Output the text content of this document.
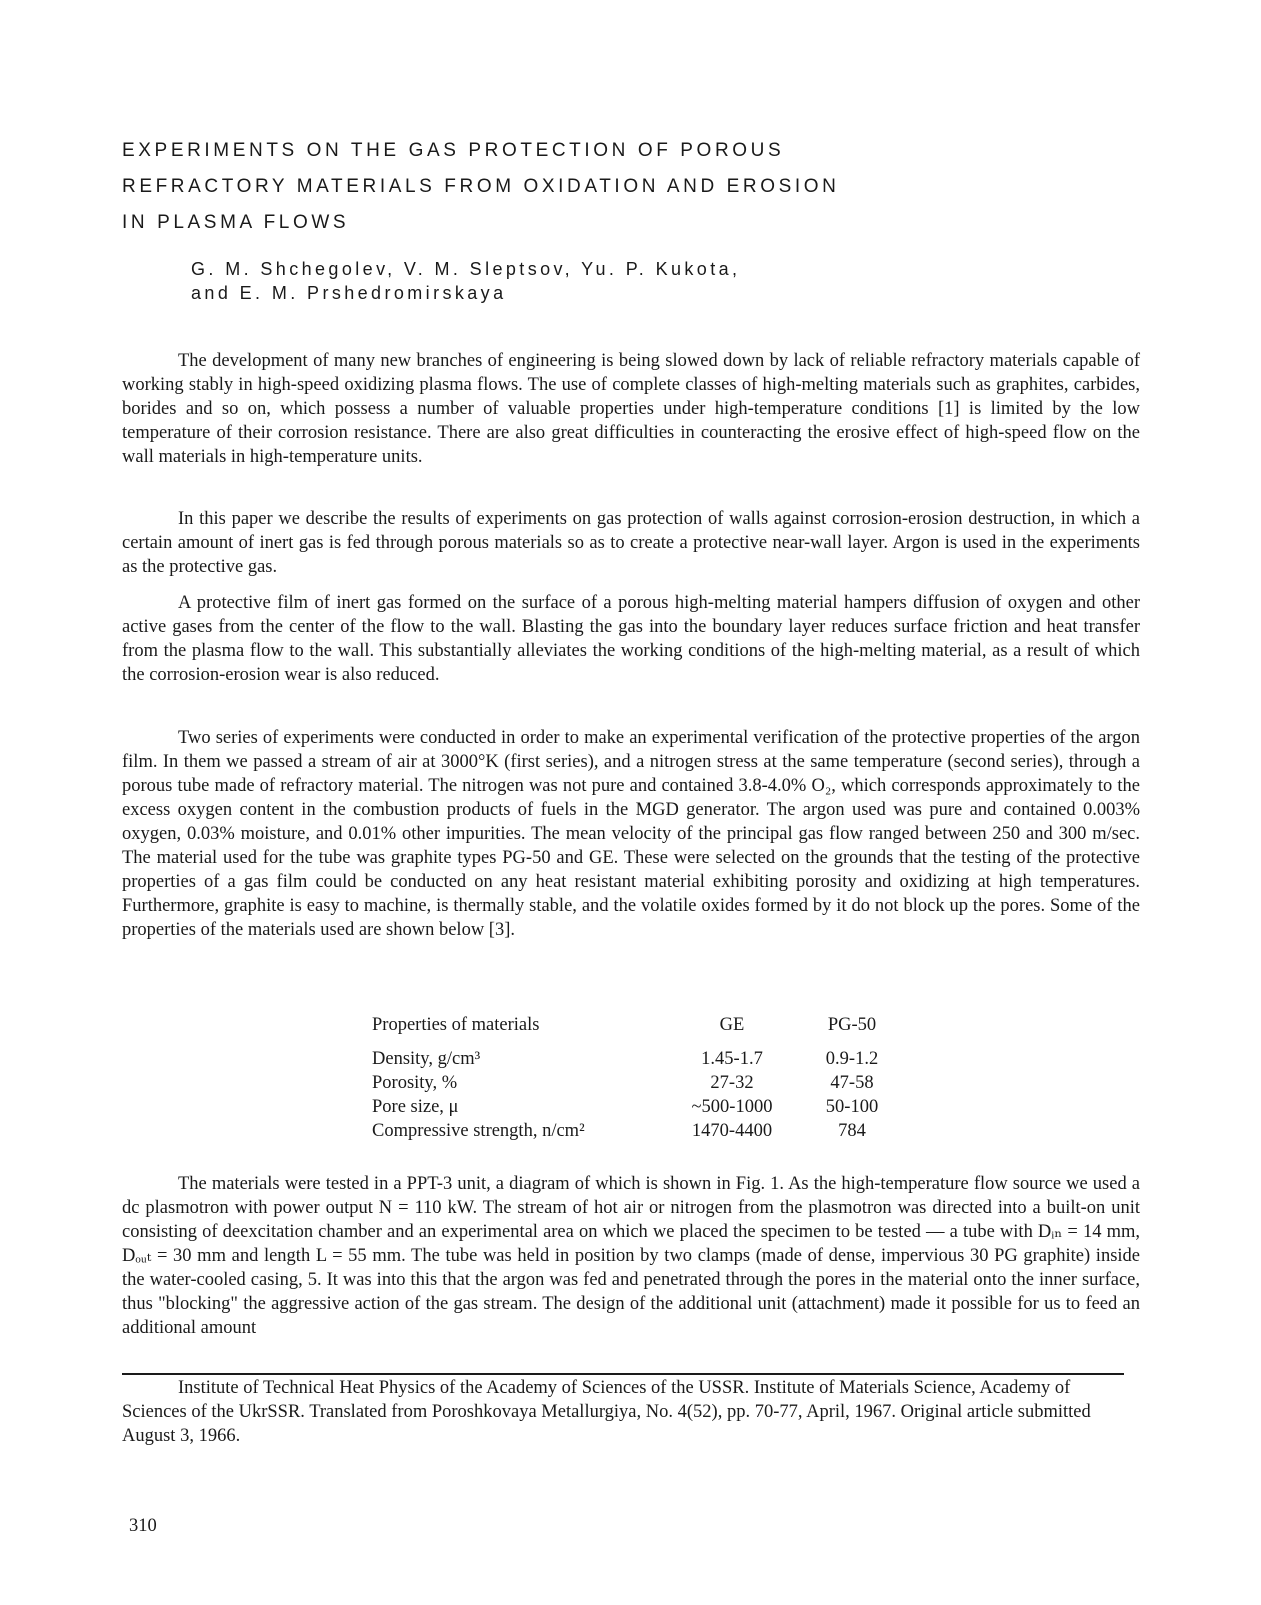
EXPERIMENTS ON THE GAS PROTECTION OF POROUS
REFRACTORY MATERIALS FROM OXIDATION AND EROSION
IN PLASMA FLOWS
G. M. Shchegolev, V. M. Sleptsov, Yu. P. Kukota,
and E. M. Prshedromirskaya

The development of many new branches of engineering is being slowed down by lack of reliable refractory materials capable of working stably in high-speed oxidizing plasma flows. The use of complete classes of high-melting materials such as graphites, carbides, borides and so on, which possess a number of valuable properties under high-temperature conditions [1] is limited by the low temperature of their corrosion resistance. There are also great difficulties in counteracting the erosive effect of high-speed flow on the wall materials in high-temperature units.

In this paper we describe the results of experiments on gas protection of walls against corrosion-erosion destruction, in which a certain amount of inert gas is fed through porous materials so as to create a protective near-wall layer. Argon is used in the experiments as the protective gas.

A protective film of inert gas formed on the surface of a porous high-melting material hampers diffusion of oxygen and other active gases from the center of the flow to the wall. Blasting the gas into the boundary layer reduces surface friction and heat transfer from the plasma flow to the wall. This substantially alleviates the working conditions of the high-melting material, as a result of which the corrosion-erosion wear is also reduced.

Two series of experiments were conducted in order to make an experimental verification of the protective properties of the argon film. In them we passed a stream of air at 3000°K (first series), and a nitrogen stress at the same temperature (second series), through a porous tube made of refractory material. The nitrogen was not pure and contained 3.8-4.0% O₂, which corresponds approximately to the excess oxygen content in the combustion products of fuels in the MGD generator. The argon used was pure and contained 0.003% oxygen, 0.03% moisture, and 0.01% other impurities. The mean velocity of the principal gas flow ranged between 250 and 300 m/sec. The material used for the tube was graphite types PG-50 and GE. These were selected on the grounds that the testing of the protective properties of a gas film could be conducted on any heat resistant material exhibiting porosity and oxidizing at high temperatures. Furthermore, graphite is easy to machine, is thermally stable, and the volatile oxides formed by it do not block up the pores. Some of the properties of the materials used are shown below [3].

Properties of materials	GE	PG-50

Density, g/cm³	1.45-1.7	0.9-1.2
Porosity, %	27-32	47-58
Pore size, μ	~500-1000	50-100
Compressive strength, n/cm²	1470-4400	784

The materials were tested in a PPT-3 unit, a diagram of which is shown in Fig. 1. As the high-temperature flow source we used a dc plasmotron with power output N = 110 kW. The stream of hot air or nitrogen from the plasmotron was directed into a built-on unit consisting of deexcitation chamber and an experimental area on which we placed the specimen to be tested — a tube with Dᵢₙ = 14 mm, Dₒᵤₜ = 30 mm and length L = 55 mm. The tube was held in position by two clamps (made of dense, impervious 30 PG graphite) inside the water-cooled casing, 5. It was into this that the argon was fed and penetrated through the pores in the material onto the inner surface, thus "blocking" the aggressive action of the gas stream. The design of the additional unit (attachment) made it possible for us to feed an additional amount

Institute of Technical Heat Physics of the Academy of Sciences of the USSR. Institute of Materials Science, Academy of Sciences of the UkrSSR. Translated from Poroshkovaya Metallurgiya, No. 4(52), pp. 70-77, April, 1967. Original article submitted August 3, 1966.

310
